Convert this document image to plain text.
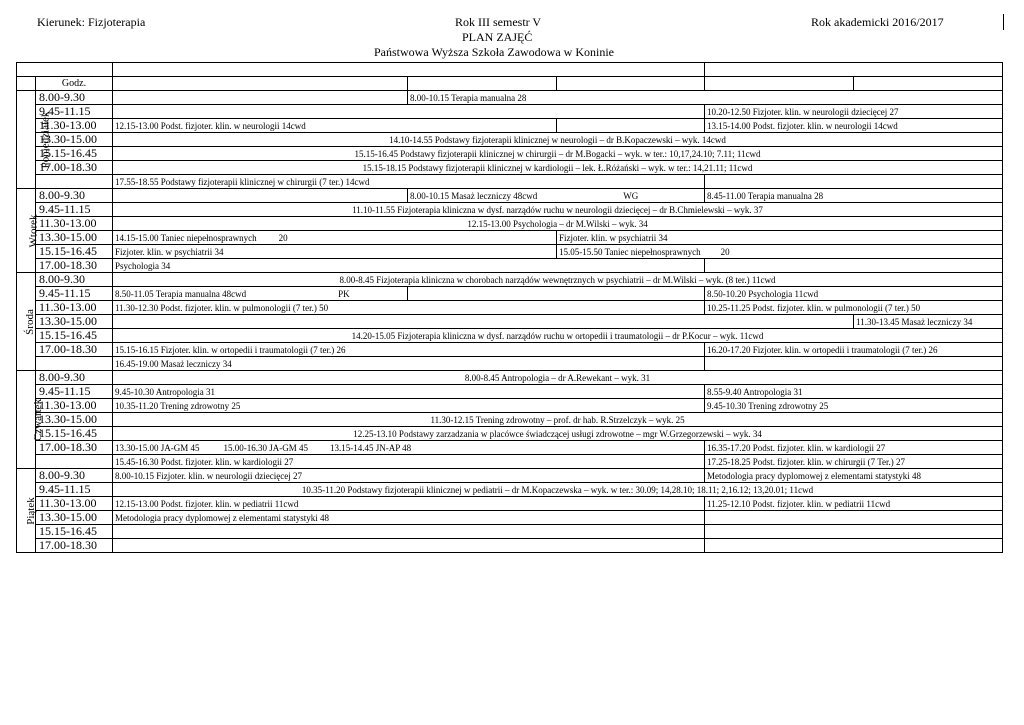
Kierunek: Fizjoterapia	Rok III semestr V
PLAN ZAJĘĆ
Państwowa Wyższa Szkoła Zawodowa w Koninie
Rok akademicki 2016/2017

	Godz.					
Poniedziałek	8.00-9.30		8.00-10.15 Terapia manualna 28			
	9.45-11.15				10.20-12.50 Fizjoter. klin. w neurologii dziecięcej 27	
	11.30-13.00	12.15-13.00 Podst. fizjoter. klin. w neurologii 14cwd			13.15-14.00 Podst. fizjoter. klin. w neurologii 14cwd	
	13.30-15.00	14.10-14.55 Podstawy fizjoterapii klinicznej w neurologii – dr B.Kopaczewski – wyk. 14cwd				
	15.15-16.45	15.15-16.45 Podstawy fizjoterapii klinicznej w chirurgii – dr M.Bogacki – wyk. w ter.: 10,17,24.10; 7.11; 11cwd				
	17.00-18.30	15.15-18.15 Podstawy fizjoterapii klinicznej w kardiologii – lek. Ł.Różański – wyk. w ter.: 14,21.11; 11cwd				
		17.55-18.55 Podstawy fizjoterapii klinicznej w chirurgii (7 ter.) 14cwd				
Wtorek	8.00-9.30		8.00-10.15 Masaż leczniczy 48cwd WG		8.45-11.00 Terapia manualna 28	
	9.45-11.15	11.10-11.55 Fizjoterapia kliniczna w dysf. narządów ruchu w neurologii dziecięcej – dr B.Chmielewski – wyk. 37				
	11.30-13.00	12.15-13.00 Psychologia – dr M.Wilski – wyk. 34				
	13.30-15.00	14.15-15.00 Taniec niepełnosprawnych 20		Fizjoter. klin. w psychiatrii 34		
	15.15-16.45	Fizjoter. klin. w psychiatrii 34		15.05-15.50 Taniec niepełnosprawnych 20		
	17.00-18.30	Psychologia 34				
Środa	8.00-9.30	8.00-8.45 Fizjoterapia kliniczna w chorobach narządów wewnętrznych w psychiatrii – dr M.Wilski – wyk. (8 ter.) 11cwd				
	9.45-11.15	8.50-11.05 Terapia manualna 48cwd PK			8.50-10.20 Psychologia 11cwd	
	11.30-13.00	11.30-12.30 Podst. fizjoter. klin. w pulmonologii (7 ter.) 50			10.25-11.25 Podst. fizjoter. klin. w pulmonologii (7 ter.) 50	
	13.30-15.00					11.30-13.45 Masaż leczniczy 34
	15.15-16.45	14.20-15.05 Fizjoterapia kliniczna w dysf. narządów ruchu w ortopedii i traumatologii – dr P.Kocur – wyk. 11cwd				
	17.00-18.30	15.15-16.15 Fizjoter. klin. w ortopedii i traumatologii (7 ter.) 26			16.20-17.20 Fizjoter. klin. w ortopedii i traumatologii (7 ter.) 26	
		16.45-19.00 Masaż leczniczy 34				
Czwartek	8.00-9.30	8.00-8.45 Antropologia – dr A.Rewekant – wyk. 31				
	9.45-11.15	9.45-10.30 Antropologia 31			8.55-9.40 Antropologia 31	
	11.30-13.00	10.35-11.20 Trening zdrowotny 25			9.45-10.30 Trening zdrowotny 25	
	13.30-15.00	11.30-12.15 Trening zdrowotny – prof. dr hab. R.Strzelczyk – wyk. 25				
	15.15-16.45	12.25-13.10 Podstawy zarzadzania w placówce świadczącej usługi zdrowotne – mgr W.Grzegorzewski – wyk. 34				
	17.00-18.30	13.30-15.00 JA-GM 45 15.00-16.30 JA-GM 45 13.15-14.45 JN-AP 48			16.35-17.20 Podst. fizjoter. klin. w kardiologii 27	
		15.45-16.30 Podst. fizjoter. klin. w kardiologii 27			17.25-18.25 Podst. fizjoter. klin. w chirurgii (7 Ter.) 27	
Piątek	8.00-9.30	8.00-10.15 Fizjoter. klin. w neurologii dziecięcej 27			Metodologia pracy dyplomowej z elementami statystyki 48	
	9.45-11.15	10.35-11.20 Podstawy fizjoterapii klinicznej w pediatrii – dr M.Kopaczewska – wyk. w ter.: 30.09; 14,28.10; 18.11; 2,16.12; 13,20.01; 11cwd				
	11.30-13.00	12.15-13.00 Podst. fizjoter. klin. w pediatrii 11cwd			11.25-12.10 Podst. fizjoter. klin. w pediatrii 11cwd	
	13.30-15.00	Metodologia pracy dyplomowej z elementami statystyki 48				
	15.15-16.45					
	17.00-18.30					
